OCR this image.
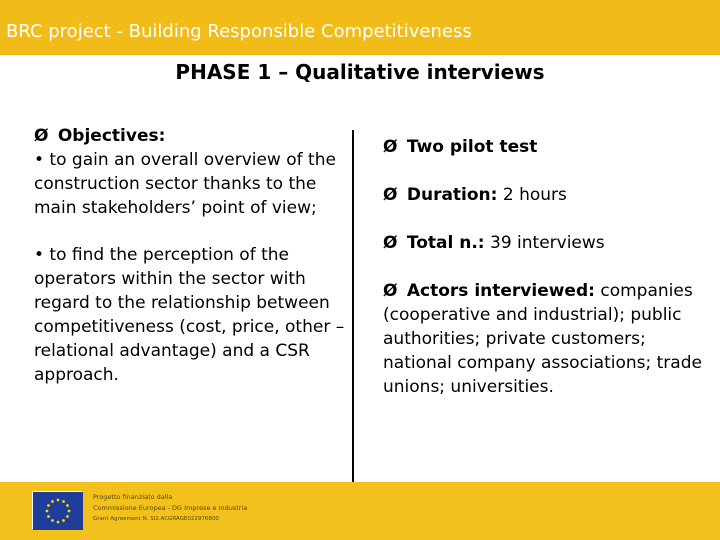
BRC project - Building Responsible Competitiveness
PHASE 1 – Qualitative interviews
Ø Objectives:
• to gain an overall overview of the construction sector thanks to the main stakeholders’ point of view;
• to find the perception of the operators within the sector with regard to the relationship between competitiveness (cost, price, other – relational advantage) and a CSR approach.
Ø Two pilot test
Ø Duration: 2 hours
Ø Total n.: 39 interviews
Ø Actors interviewed: companies (cooperative and industrial); public authorities; private customers; national company associations; trade unions; universities.
Progetto finanziato dalla
Commissione Europea - DG Imprese e Industria
Grant Agreement N. SI2.ACGRAGE022976800
